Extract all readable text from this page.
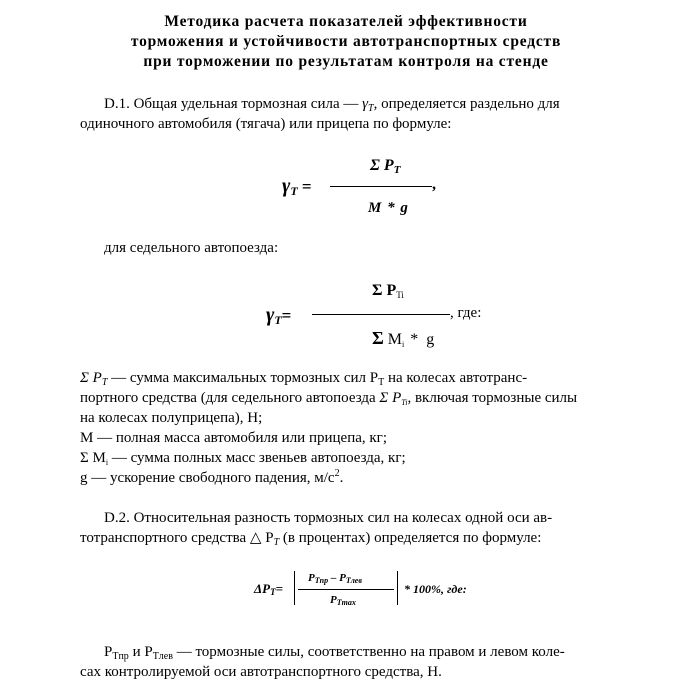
Методика расчета показателей эффективности
торможения и устойчивости автотранспортных средств
при торможении по результатам контроля на стенде
D.1. Общая удельная тормозная сила — $\gamma_T$, определяется раздельно для
одиночного автомобиля (тягача) или прицепа по формуле:
$\gamma_T$ =
Σ $P_T$
,
M * g
для седельного автопоезда:
$\gamma_T=$
Σ $P_{Ti}$
, где:
Σ $M_i$ * g
Σ $P_T$ — сумма максимальных тормозных сил $P_T$ на колесах автотранс-
портного средства (для седельного автопоезда Σ $P_{Ti}$, включая тормозные силы
на колесах полуприцепа), Н;
М — полная масса автомобиля или прицепа, кг;
Σ $M_i$ — сумма полных масс звеньев автопоезда, кг;
g — ускорение свободного падения, $м/с^2$.
D.2. Относительная разность тормозных сил на колесах одной оси ав-
тотранспортного средства △ $P_T$ (в процентах) определяется по формуле:
$\Delta P_T=$
$P_{Tпр} - P_{Tлев}$
$P_{Tmax}$
* 100%, где:
$P_{Tпр}$ и $P_{Tлев}$ — тормозные силы, соответственно на правом и левом коле-
сах контролируемой оси автотранспортного средства, Н.
